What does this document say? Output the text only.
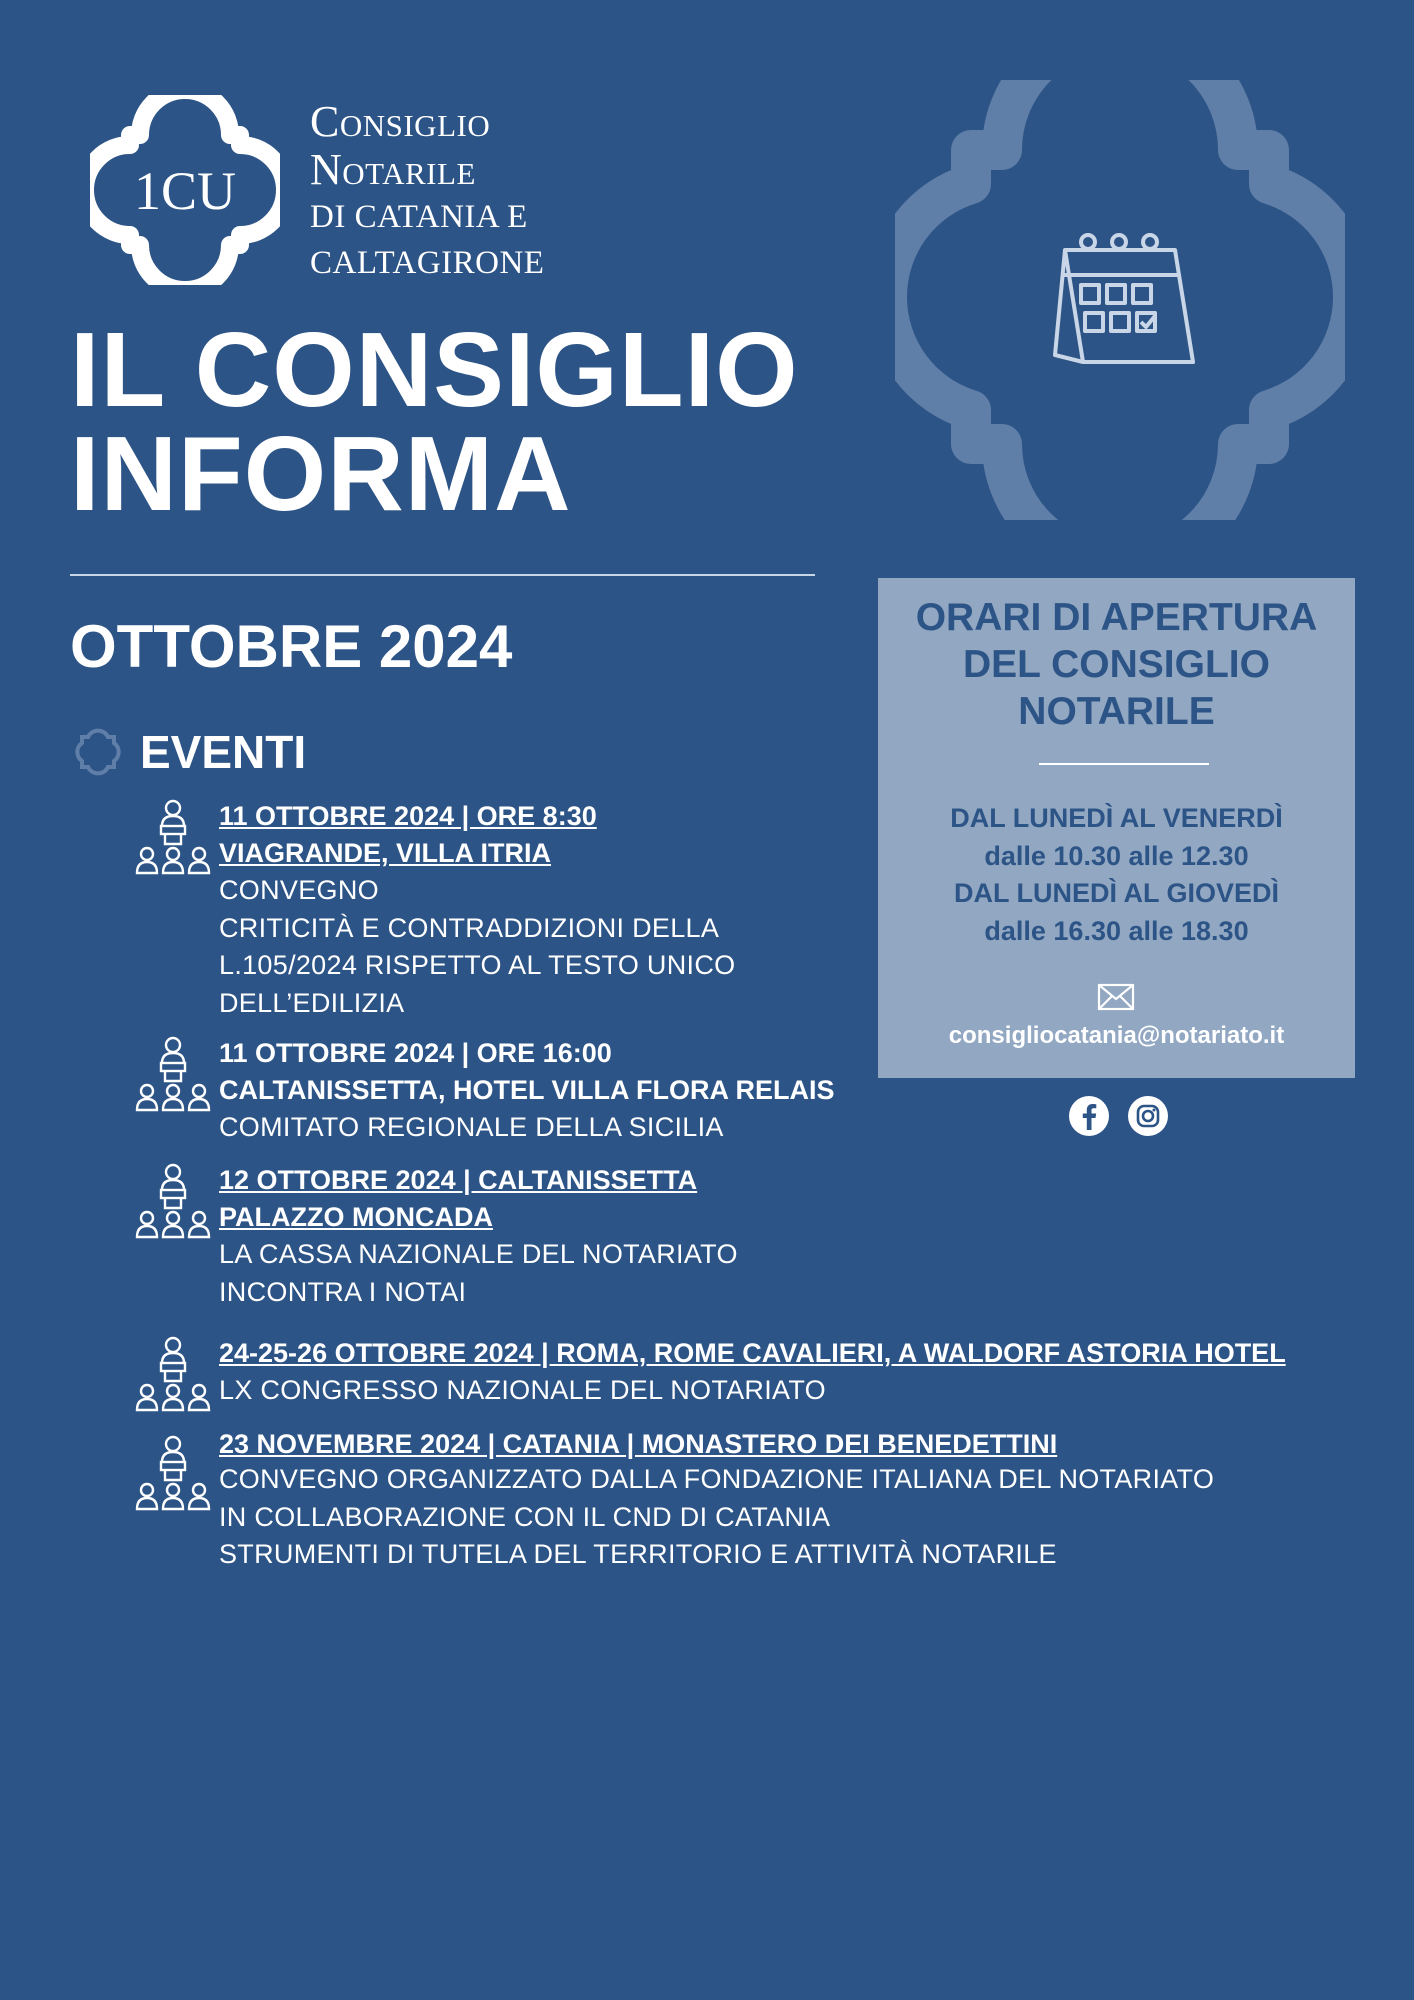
1CU
Consiglio
Notarile
DI CATANIA E
CALTAGIRONE
IL CONSIGLIO
INFORMA
OTTOBRE 2024
EVENTI
11 OTTOBRE 2024 | ORE 8:30
VIAGRANDE, VILLA ITRIA
CONVEGNO
CRITICITÀ E CONTRADDIZIONI DELLA
L.105/2024 RISPETTO AL TESTO UNICO
DELL’EDILIZIA
11 OTTOBRE 2024 | ORE 16:00
CALTANISSETTA, HOTEL VILLA FLORA RELAIS
COMITATO REGIONALE DELLA SICILIA
12 OTTOBRE 2024 | CALTANISSETTA
PALAZZO MONCADA
LA CASSA NAZIONALE DEL NOTARIATO
INCONTRA I NOTAI
24-25-26 OTTOBRE 2024 | ROMA, ROME CAVALIERI, A WALDORF ASTORIA HOTEL
LX CONGRESSO NAZIONALE DEL NOTARIATO
23 NOVEMBRE 2024 | CATANIA | MONASTERO DEI BENEDETTINI
CONVEGNO ORGANIZZATO DALLA FONDAZIONE ITALIANA DEL NOTARIATO
IN COLLABORAZIONE CON IL CND DI CATANIA
STRUMENTI DI TUTELA DEL TERRITORIO E ATTIVITÀ NOTARILE
ORARI DI APERTURA
DEL CONSIGLIO
NOTARILE
DAL LUNEDÌ AL VENERDÌ
dalle 10.30 alle 12.30
DAL LUNEDÌ AL GIOVEDÌ
dalle 16.30 alle 18.30
consigliocatania@notariato.it
